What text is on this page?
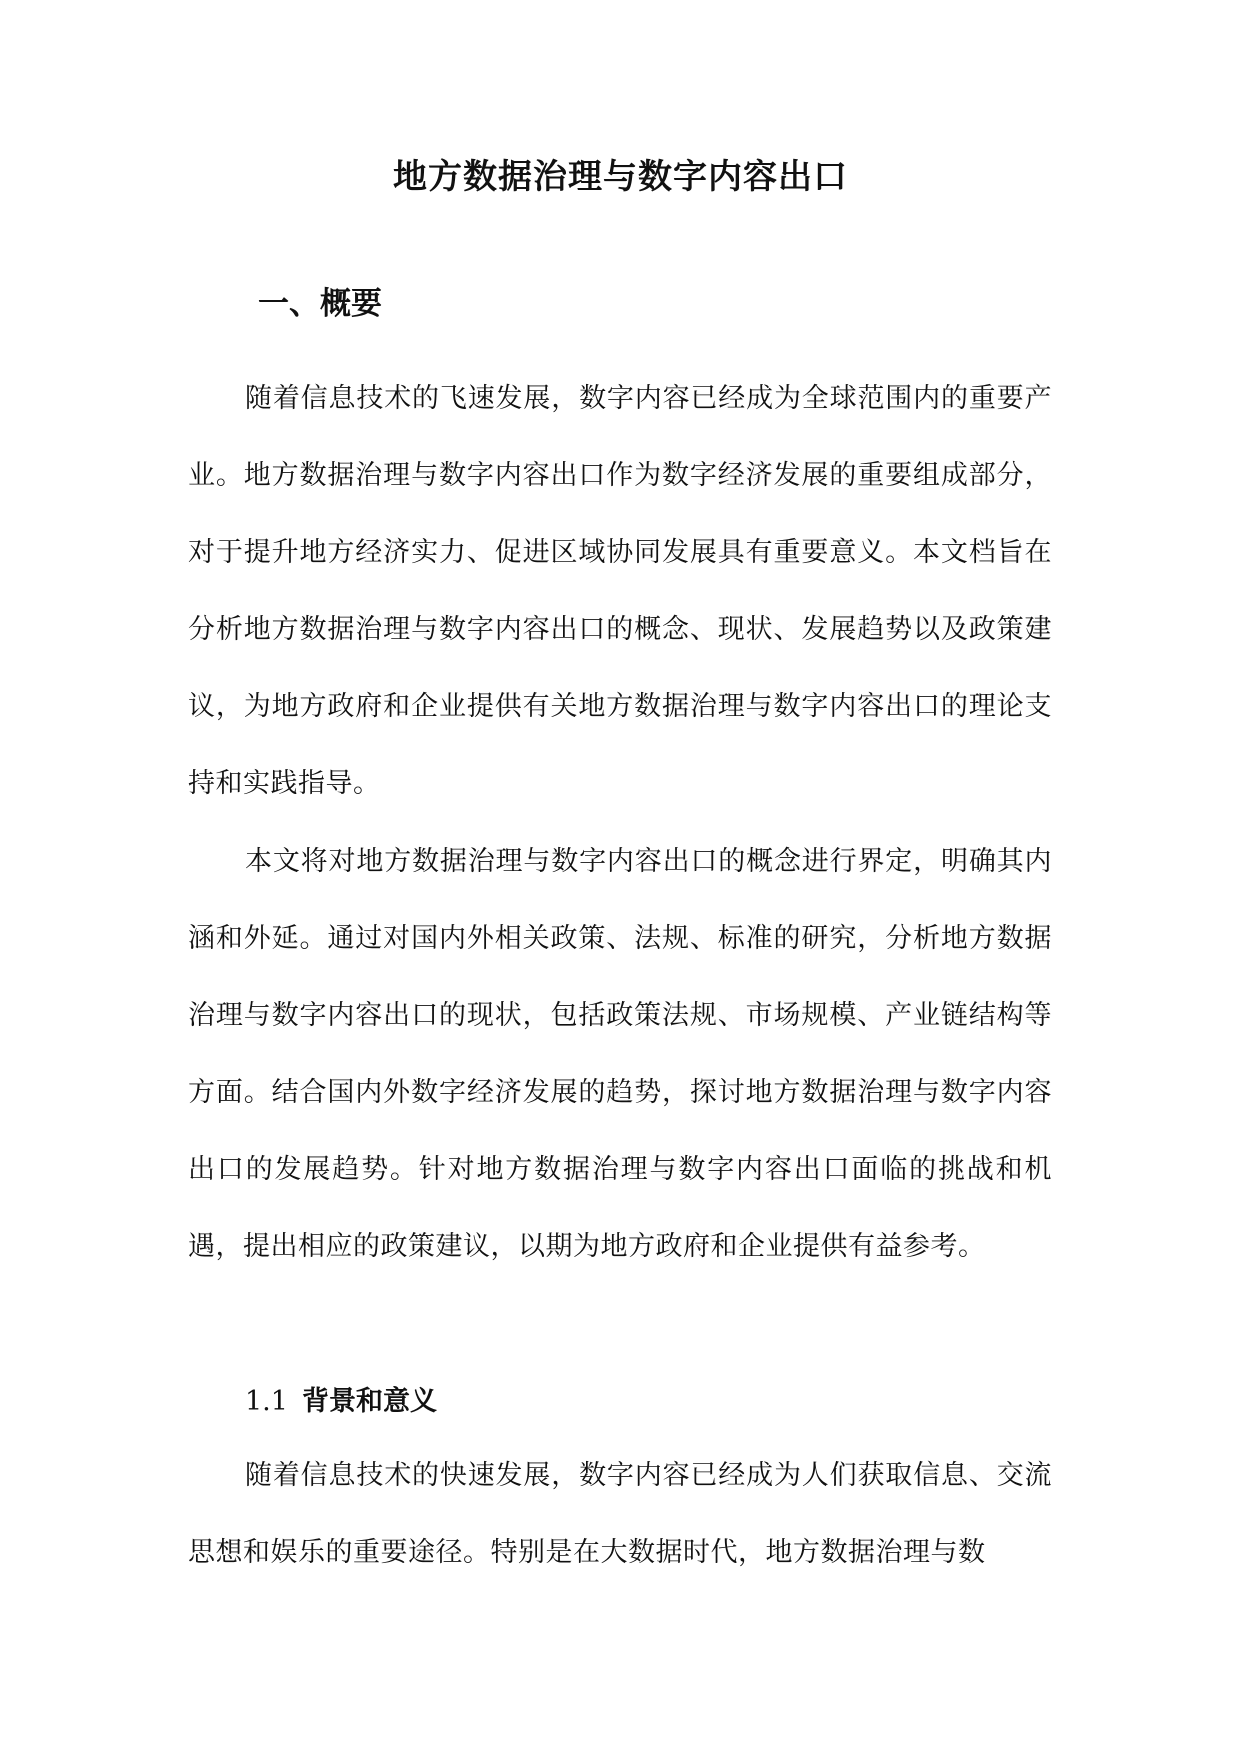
地方数据治理与数字内容出口
一、概要

随着信息技术的飞速发展，数字内容已经成为全球范围内的重要产业。地方数据治理与数字内容出口作为数字经济发展的重要组成部分，对于提升地方经济实力、促进区域协同发展具有重要意义。本文档旨在分析地方数据治理与数字内容出口的概念、现状、发展趋势以及政策建议，为地方政府和企业提供有关地方数据治理与数字内容出口的理论支持和实践指导。

本文将对地方数据治理与数字内容出口的概念进行界定，明确其内涵和外延。通过对国内外相关政策、法规、标准的研究，分析地方数据治理与数字内容出口的现状，包括政策法规、市场规模、产业链结构等方面。结合国内外数字经济发展的趋势，探讨地方数据治理与数字内容出口的发展趋势。针对地方数据治理与数字内容出口面临的挑战和机遇，提出相应的政策建议，以期为地方政府和企业提供有益参考。

1.1 背景和意义

随着信息技术的快速发展，数字内容已经成为人们获取信息、交流思想和娱乐的重要途径。特别是在大数据时代，地方数据治理与数
